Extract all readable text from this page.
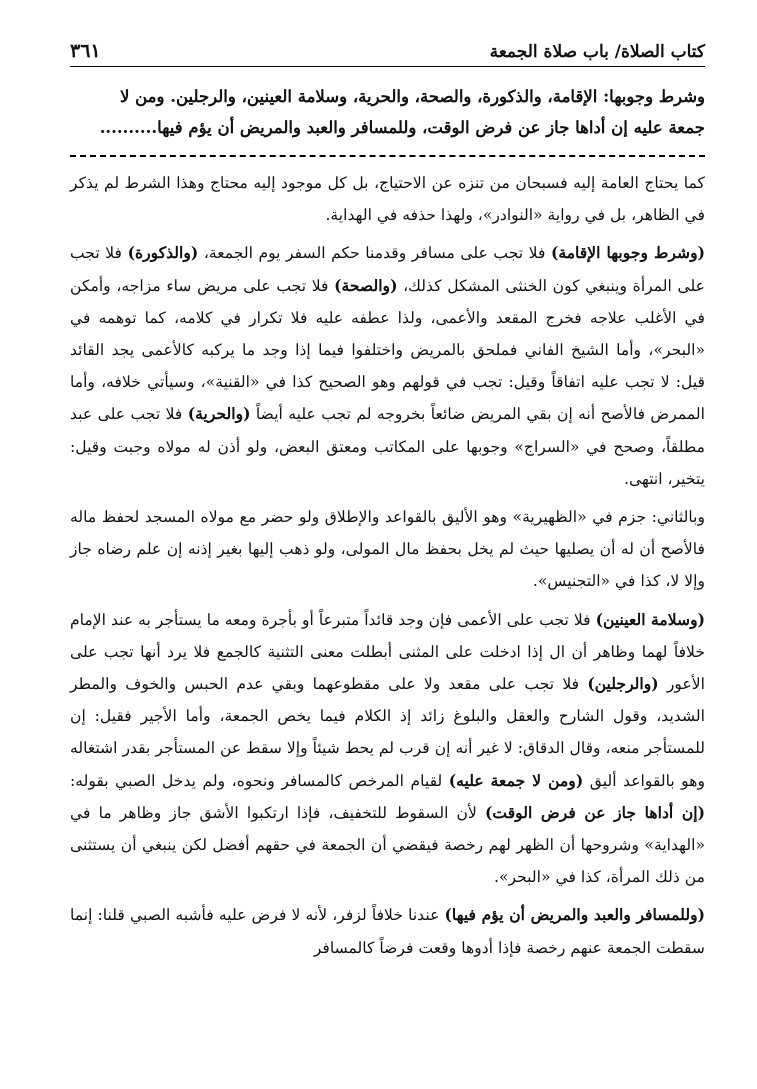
كتاب الصلاة/ باب صلاة الجمعة
٣٦١
وشرط وجوبها: الإقامة، والذكورة، والصحة، والحرية، وسلامة العينين، والرجلين. ومن لا
جمعة عليه إن أداها جاز عن فرض الوقت، وللمسافر والعبد والمريض أن يؤم فيها..........

كما يحتاج العامة إليه فسبحان من تنزه عن الاحتياج، بل كل موجود إليه محتاج وهذا الشرط لم يذكر في الظاهر، بل في رواية «النوادر»، ولهذا حذفه في الهداية.

(وشرط وجوبها الإقامة) فلا تجب على مسافر وقدمنا حكم السفر يوم الجمعة، (والذكورة) فلا تجب على المرأة وينبغي كون الخنثى المشكل كذلك، (والصحة) فلا تجب على مريض ساء مزاجه، وأمكن في الأغلب علاجه فخرج المقعد والأعمى، ولذا عطفه عليه فلا تكرار في كلامه، كما توهمه في «البحر»، وأما الشيخ الفاني فملحق بالمريض واختلفوا فيما إذا وجد ما يركبه كالأعمى يجد القائد قيل: لا تجب عليه اتفاقاً وقيل: تجب في قولهم وهو الصحيح كذا في «القنية»، وسيأتي خلافه، وأما الممرض فالأصح أنه إن بقي المريض ضائعاً بخروجه لم تجب عليه أيضاً (والحرية) فلا تجب على عبد مطلقاً، وصحح في «السراج» وجوبها على المكاتب ومعتق البعض، ولو أذن له مولاه وجبت وقيل: يتخير، انتهى.

وبالثاني: جزم في «الظهيرية» وهو الأليق بالقواعد والإطلاق ولو حضر مع مولاه المسجد لحفظ ماله فالأصح أن له أن يصليها حيث لم يخل بحفظ مال المولى، ولو ذهب إليها بغير إذنه إن علم رضاه جاز وإلا لا، كذا في «التجنيس».

(وسلامة العينين) فلا تجب على الأعمى فإن وجد قائداً متبرعاً أو بأجرة ومعه ما يستأجر به عند الإمام خلافاً لهما وظاهر أن ال إذا ادخلت على المثنى أبطلت معنى التثنية كالجمع فلا يرد أنها تجب على الأعور (والرجلين) فلا تجب على مقعد ولا على مقطوعهما وبقي عدم الحبس والخوف والمطر الشديد، وقول الشارح والعقل والبلوغ زائد إذ الكلام فيما يخص الجمعة، وأما الأجير فقيل: إن للمستأجر منعه، وقال الدقاق: لا غير أنه إن قرب لم يحط شيئاً وإلا سقط عن المستأجر بقدر اشتغاله وهو بالقواعد أليق (ومن لا جمعة عليه) لقيام المرخص كالمسافر ونحوه، ولم يدخل الصبي بقوله: (إن أداها جاز عن فرض الوقت) لأن السقوط للتخفيف، فإذا ارتكبوا الأشق جاز وظاهر ما في «الهداية» وشروحها أن الظهر لهم رخصة فيقضي أن الجمعة في حقهم أفضل لكن ينبغي أن يستثنى من ذلك المرأة، كذا في «البحر».

(وللمسافر والعبد والمريض أن يؤم فيها) عندنا خلافاً لزفر، لأنه لا فرض عليه فأشبه الصبي قلنا: إنما سقطت الجمعة عنهم رخصة فإذا أدوها وقعت فرضاً كالمسافر
